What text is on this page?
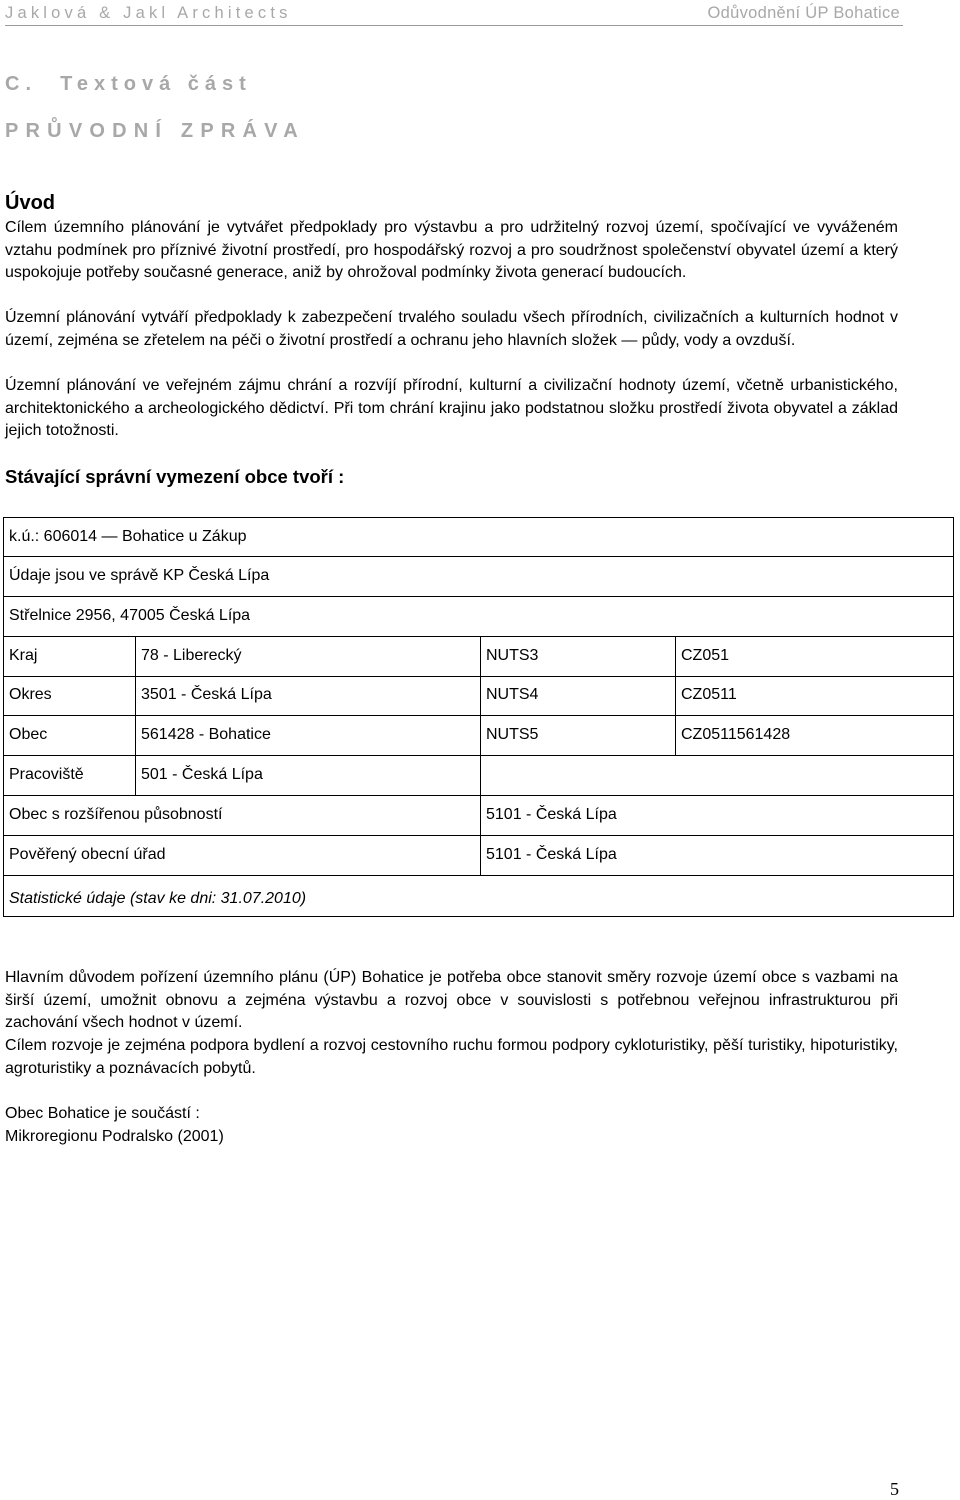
Jaklová & Jakl Architects	Odůvodnění ÚP Bohatice
C.  Textová část
PRŮVODNÍ ZPRÁVA
Úvod

Cílem územního plánování je vytvářet předpoklady pro výstavbu a pro udržitelný rozvoj území, spočívající ve vyváženém vztahu podmínek pro příznivé životní prostředí, pro hospodářský rozvoj a pro soudržnost společenství obyvatel území a který uspokojuje potřeby současné generace, aniž by ohrožoval podmínky života generací budoucích.

Územní plánování vytváří předpoklady k zabezpečení trvalého souladu všech přírodních, civilizačních a kulturních hodnot v území, zejména se zřetelem na péči o životní prostředí a ochranu jeho hlavních složek — půdy, vody a ovzduší.

Územní plánování ve veřejném zájmu chrání a rozvíjí přírodní, kulturní a civilizační hodnoty území, včetně urbanistického, architektonického a archeologického dědictví. Při tom chrání krajinu jako podstatnou složku prostředí života obyvatel a základ jejich totožnosti.

Stávající správní vymezení obce tvoří :
k.ú.: 606014 — Bohatice u Zákup
Údaje jsou ve správě KP Česká Lípa
Střelnice 2956, 47005 Česká Lípa
Kraj	78 - Liberecký	NUTS3	CZ051
Okres	3501 - Česká Lípa	NUTS4	CZ0511
Obec	561428 - Bohatice	NUTS5	CZ0511561428
Pracoviště	501 - Česká Lípa
Obec s rozšířenou působností	5101 - Česká Lípa
Pověřený obecní úřad	5101 - Česká Lípa
Statistické údaje (stav ke dni: 31.07.2010)

Hlavním důvodem pořízení územního plánu (ÚP) Bohatice je potřeba obce stanovit směry rozvoje území obce s vazbami na širší území, umožnit obnovu a zejména výstavbu a rozvoj obce v souvislosti s potřebnou veřejnou infrastrukturou při zachování všech hodnot v území.

Cílem rozvoje je zejména podpora bydlení a rozvoj cestovního ruchu formou podpory cykloturistiky, pěší turistiky, hipoturistiky, agroturistiky a poznávacích pobytů.

Obec Bohatice je součástí :

Mikroregionu Podralsko (2001)

5
